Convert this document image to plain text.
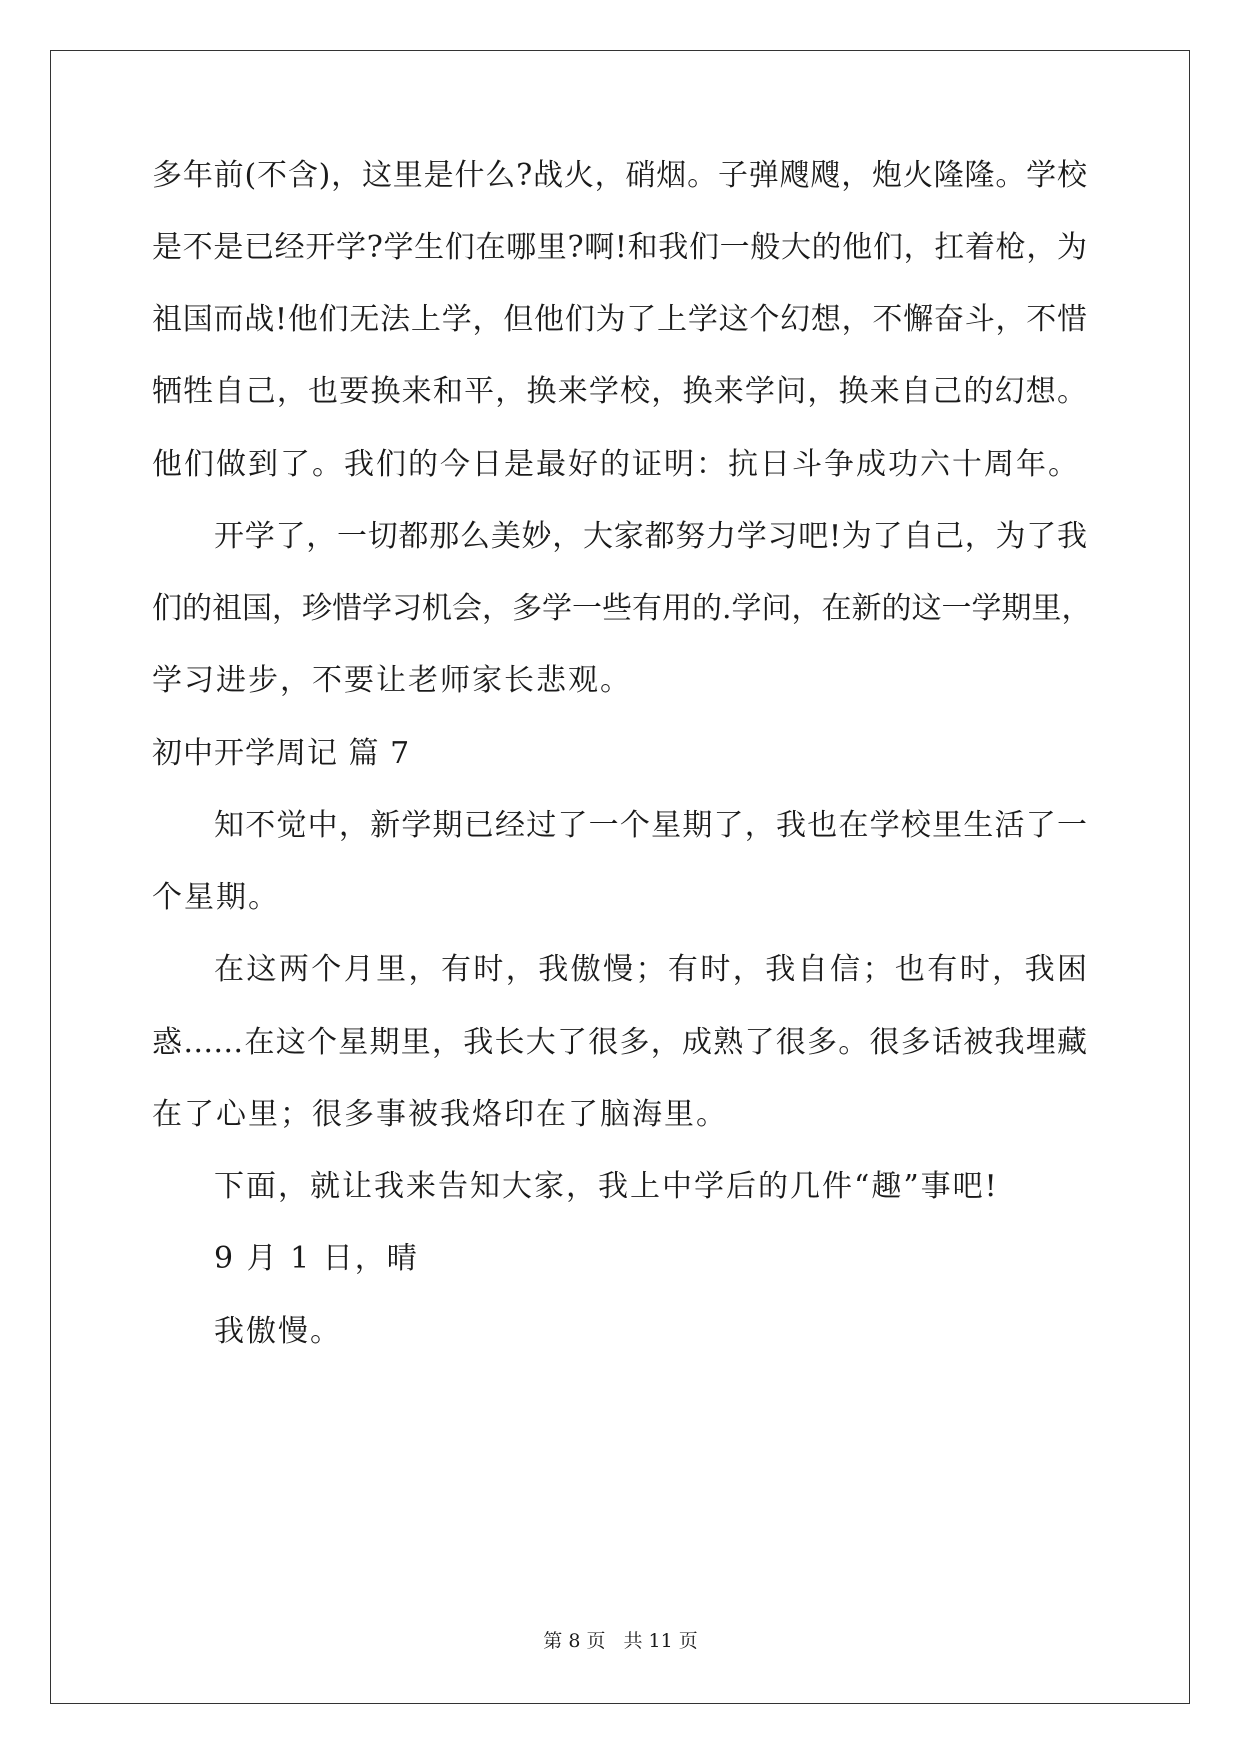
多年前(不含)，这里是什么?战火，硝烟。子弹飕飕，炮火隆隆。学校
是不是已经开学?学生们在哪里?啊!和我们一般大的他们，扛着枪，为
祖国而战!他们无法上学，但他们为了上学这个幻想，不懈奋斗，不惜
牺牲自己，也要换来和平，换来学校，换来学问，换来自己的幻想。
他们做到了。我们的今日是最好的证明：抗日斗争成功六十周年。
开学了，一切都那么美妙，大家都努力学习吧!为了自己，为了我
们的祖国，珍惜学习机会，多学一些有用的.学问，在新的这一学期里，
学习进步，不要让老师家长悲观。
初中开学周记 篇 7
知不觉中，新学期已经过了一个星期了，我也在学校里生活了一
个星期。
在这两个月里，有时，我傲慢；有时，我自信；也有时，我困
惑……在这个星期里，我长大了很多，成熟了很多。很多话被我埋藏
在了心里；很多事被我烙印在了脑海里。
下面，就让我来告知大家，我上中学后的几件“趣”事吧!
9 月 1 日，晴
我傲慢。
第 8 页 共 11 页
